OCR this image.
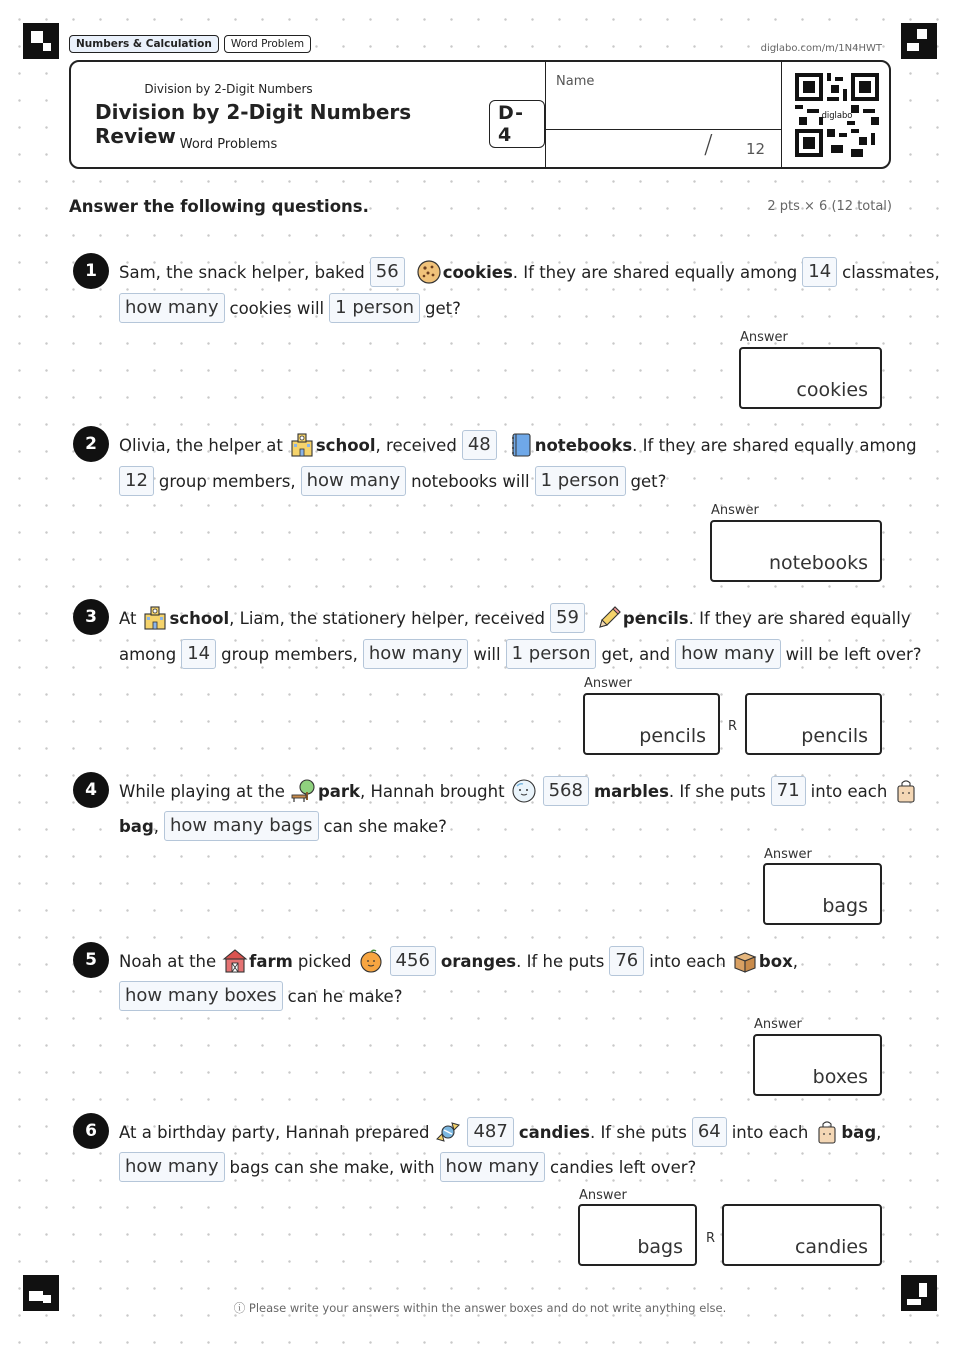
Numbers & Calculation	Word Problem	diglabo.com/m/1N4HWT
Division by 2-Digit Numbers
Division by 2-Digit Numbers Review
D-4
Word Problems
Name
/ 12
diglabo
Answer the following questions.	2 pts × 6 (12 total)
1	Sam, the snack helper, baked 56	cookies . If they are shared equally among 14 classmates,
how many cookies will 1 person get?
Answer
cookies
2	Olivia, the helper at school , received 48	notebooks . If they are shared equally among
12 group members, how many notebooks will 1 person get?
Answer
notebooks
3	At school , Liam, the stationery helper, received 59	pencils . If they are shared equally
among 14 group members, how many will 1 person get, and how many will be left over?
Answer
pencils	R	pencils
4	While playing at the park , Hannah brought	568 marbles . If she puts 71 into each
bag , how many bags can she make?
Answer
bags
5	Noah at the farm picked	456 oranges . If he puts 76 into each box ,
how many boxes can he make?
Answer
boxes
6	At a birthday party, Hannah prepared	487 candies . If she puts 64 into each bag ,
how many bags can she make, with how many candies left over?
Answer
bags	R	candies
ⓘ Please write your answers within the answer boxes and do not write anything else.
